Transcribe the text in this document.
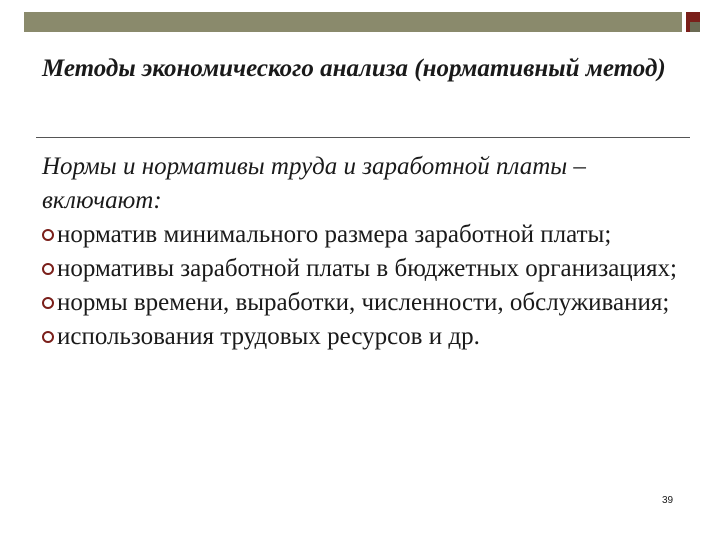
Методы экономического анализа (нормативный метод)

Нормы и нормативы труда и заработной платы – включают:

норматив минимального размера заработной платы;
нормативы заработной платы в бюджетных организациях;
нормы времени, выработки, численности, обслуживания;
использования трудовых ресурсов и др.
39
